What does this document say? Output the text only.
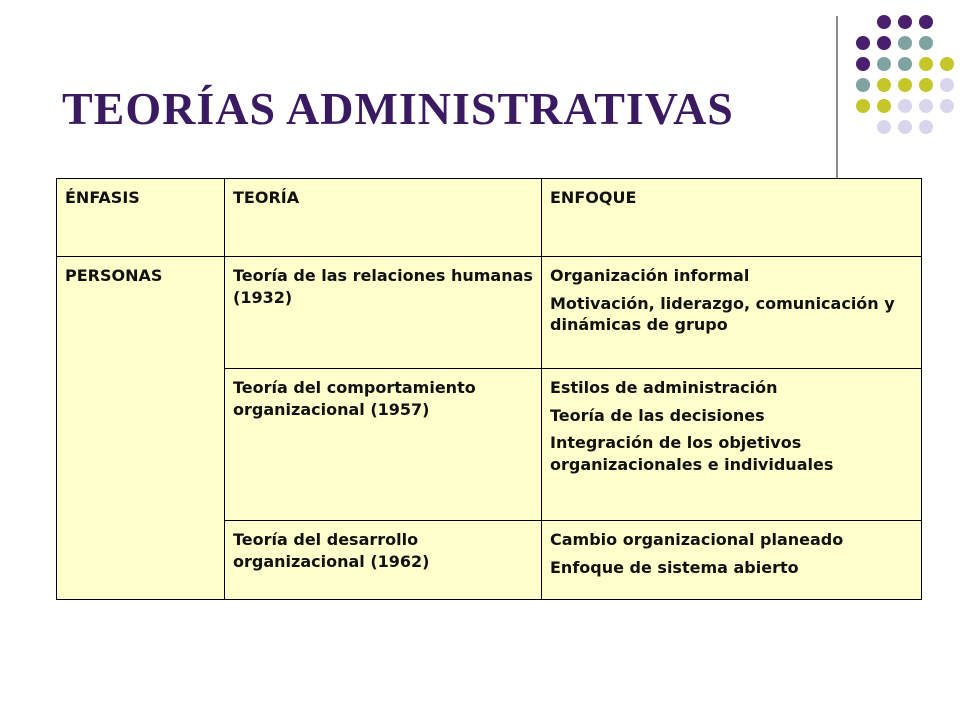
TEORÍAS ADMINISTRATIVAS
ÉNFASIS	TEORÍA	ENFOQUE
PERSONAS	Teoría de las relaciones humanas (1932)	Organización informal
Motivación, liderazgo, comunicación y dinámicas de grupo

	Teoría del comportamiento organizacional (1957)	Estilos de administración
Teoría de las decisiones
Integración de los objetivos organizacionales e individuales

	Teoría del desarrollo organizacional (1962)	Cambio organizacional planeado
Enfoque de sistema abierto
